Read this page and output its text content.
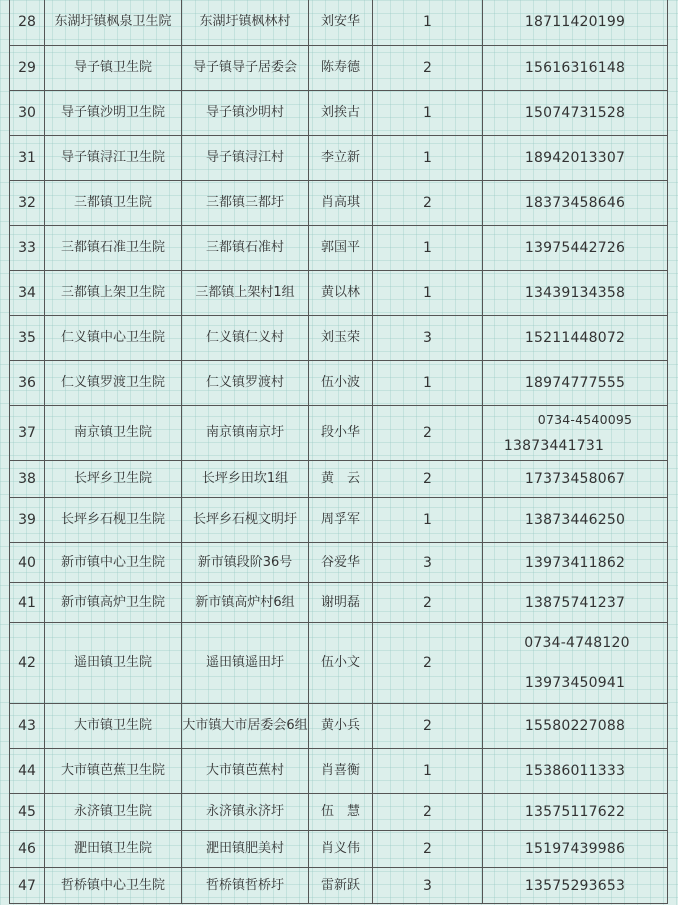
28	东湖圩镇枫泉卫生院	东湖圩镇枫林村	刘安华	1	18711420199

29	导子镇卫生院	导子镇导子居委会	陈寿德	2	15616316148

30	导子镇沙明卫生院	导子镇沙明村	刘挨古	1	15074731528

31	导子镇浔江卫生院	导子镇浔江村	李立新	1	18942013307

32	三都镇卫生院	三都镇三都圩	肖高琪	2	18373458646

33	三都镇石准卫生院	三都镇石准村	郭国平	1	13975442726

34	三都镇上架卫生院	三都镇上架村1组	黄以林	1	13439134358

35	仁义镇中心卫生院	仁义镇仁义村	刘玉荣	3	15211448072

36	仁义镇罗渡卫生院	仁义镇罗渡村	伍小波	1	18974777555

37	南京镇卫生院	南京镇南京圩	段小华	2	0734-4540095
13873441731

38	长坪乡卫生院	长坪乡田坎1组	黄　云	2	17373458067

39	长坪乡石枧卫生院	长坪乡石枧文明圩	周孚军	1	13873446250

40	新市镇中心卫生院	新市镇段阶36号	谷爱华	3	13973411862

41	新市镇高炉卫生院	新市镇高炉村6组	谢明磊	2	13875741237

42	遥田镇卫生院	遥田镇遥田圩	伍小文	2	0734-4748120
13973450941

43	大市镇卫生院	大市镇大市居委会6组	黄小兵	2	15580227088

44	大市镇芭蕉卫生院	大市镇芭蕉村	肖喜衡	1	15386011333

45	永济镇卫生院	永济镇永济圩	伍　慧	2	13575117622

46	淝田镇卫生院	淝田镇肥美村	肖义伟	2	15197439986

47	哲桥镇中心卫生院	哲桥镇哲桥圩	雷新跃	3	13575293653
